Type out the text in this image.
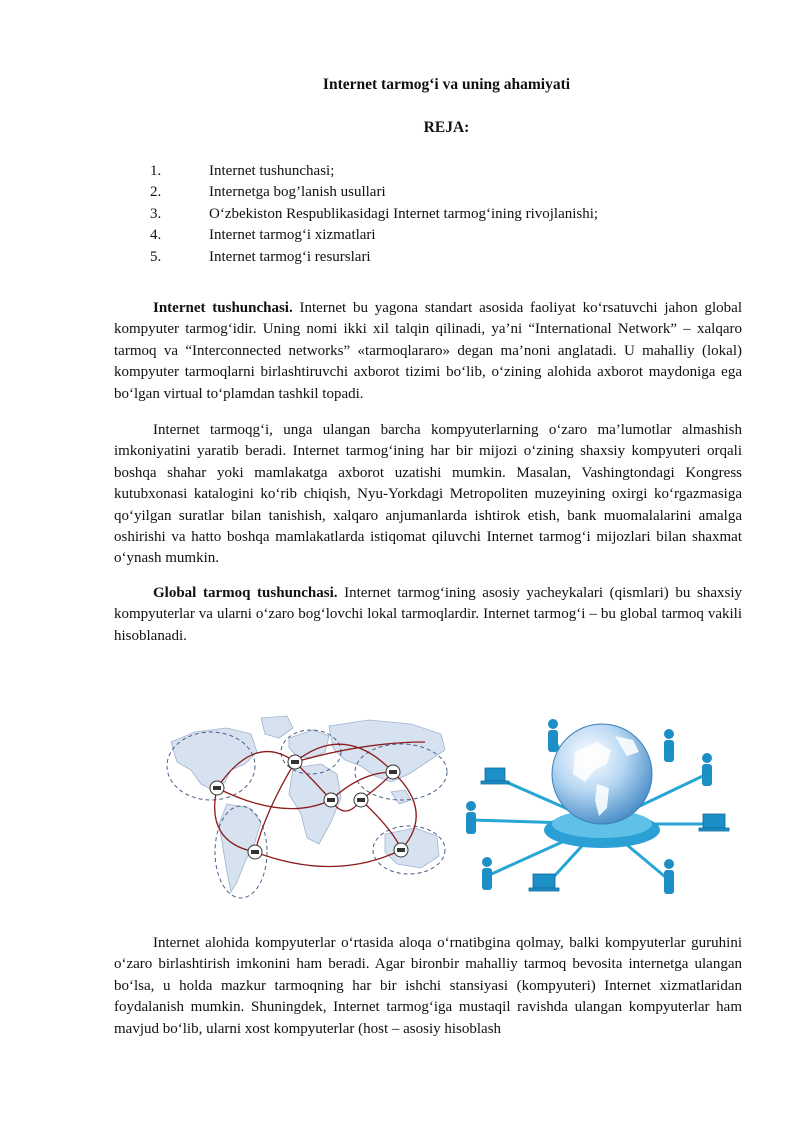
Internet tarmog‘i va uning ahamiyati
REJA:
1.	Internet tushunchasi;
2.	Internetga bog’lanish usullari
3.	O‘zbekiston Respublikasidagi Internet tarmog‘ining rivojlanishi;
4.	Internet tarmog‘i xizmatlari
5.	Internet tarmog‘i resurslari

Internet tushunchasi. Internet bu yagona standart asosida faoliyat ko‘rsatuvchi jahon global kompyuter tarmog‘idir. Uning nomi ikki xil talqin qilinadi, ya’ni “International Network” – xalqaro tarmoq va “Interconnected networks” «tarmoqlararo» degan ma’noni anglatadi. U mahalliy (lokal) kompyuter tarmoqlarni birlashtiruvchi axborot tizimi bo‘lib, o‘zining alohida axborot maydoniga ega bo‘lgan virtual to‘plamdan tashkil topadi.

Internet tarmoqg‘i, unga ulangan barcha kompyuterlarning o‘zaro ma’lumotlar almashish imkoniyatini yaratib beradi. Internet tarmog‘ining har bir mijozi o‘zining shaxsiy kompyuteri orqali boshqa shahar yoki mamlakatga axborot uzatishi mumkin. Masalan, Vashingtondagi Kongress kutubxonasi katalogini ko‘rib chiqish, Nyu-Yorkdagi Metropoliten muzeyining oxirgi ko‘rgazmasiga qo‘yilgan suratlar bilan tanishish, xalqaro anjumanlarda ishtirok etish, bank muomalalarini amalga oshirishi va hatto boshqa mamlakatlarda istiqomat qiluvchi Internet tarmog‘i mijozlari bilan shaxmat o‘ynash mumkin.

Global tarmoq tushunchasi. Internet tarmog‘ining asosiy yacheykalari (qismlari) bu shaxsiy kompyuterlar va ularni o‘zaro bog‘lovchi lokal tarmoqlardir. Internet tarmog‘i – bu global tarmoq vakili hisoblanadi.

Internet alohida kompyuterlar o‘rtasida aloqa o‘rnatibgina qolmay, balki kompyuterlar guruhini o‘zaro birlashtirish imkonini ham beradi. Agar bironbir mahalliy tarmoq bevosita internetga ulangan bo‘lsa, u holda mazkur tarmoqning har bir ishchi stansiyasi (kompyuteri) Internet xizmatlaridan foydalanish mumkin. Shuningdek, Internet tarmog‘iga mustaqil ravishda ulangan kompyuterlar ham mavjud bo‘lib, ularni xost kompyuterlar (host – asosiy hisoblash
